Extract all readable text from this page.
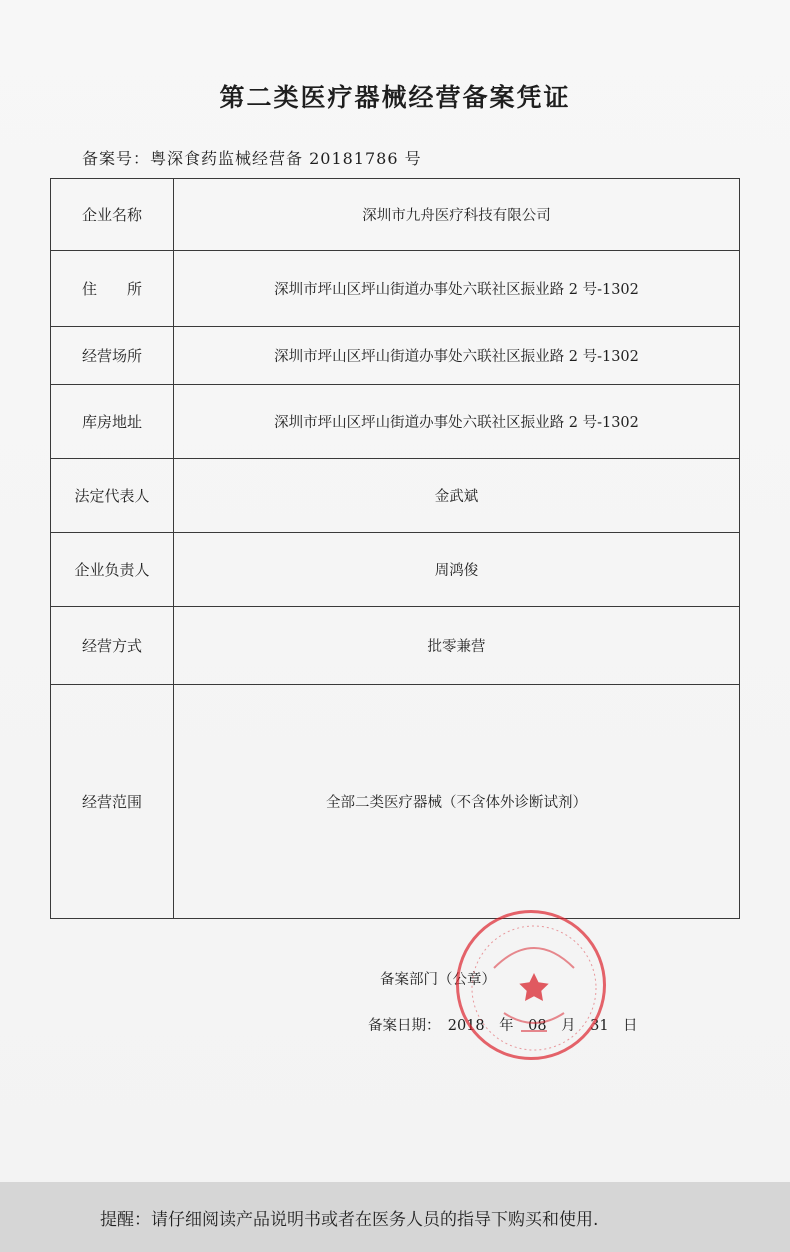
第二类医疗器械经营备案凭证
备案号：粤深食药监械经营备 20181786 号
企业名称	深圳市九舟医疗科技有限公司
住　　所	深圳市坪山区坪山街道办事处六联社区振业路 2 号-1302
经营场所	深圳市坪山区坪山街道办事处六联社区振业路 2 号-1302
库房地址	深圳市坪山区坪山街道办事处六联社区振业路 2 号-1302
法定代表人	金武斌
企业负责人	周鸿俊
经营方式	批零兼营
经营范围	全部二类医疗器械（不含体外诊断试剂）
备案部门（公章）
备案日期：　2018　年　08　月　31　日
提醒：请仔细阅读产品说明书或者在医务人员的指导下购买和使用.
